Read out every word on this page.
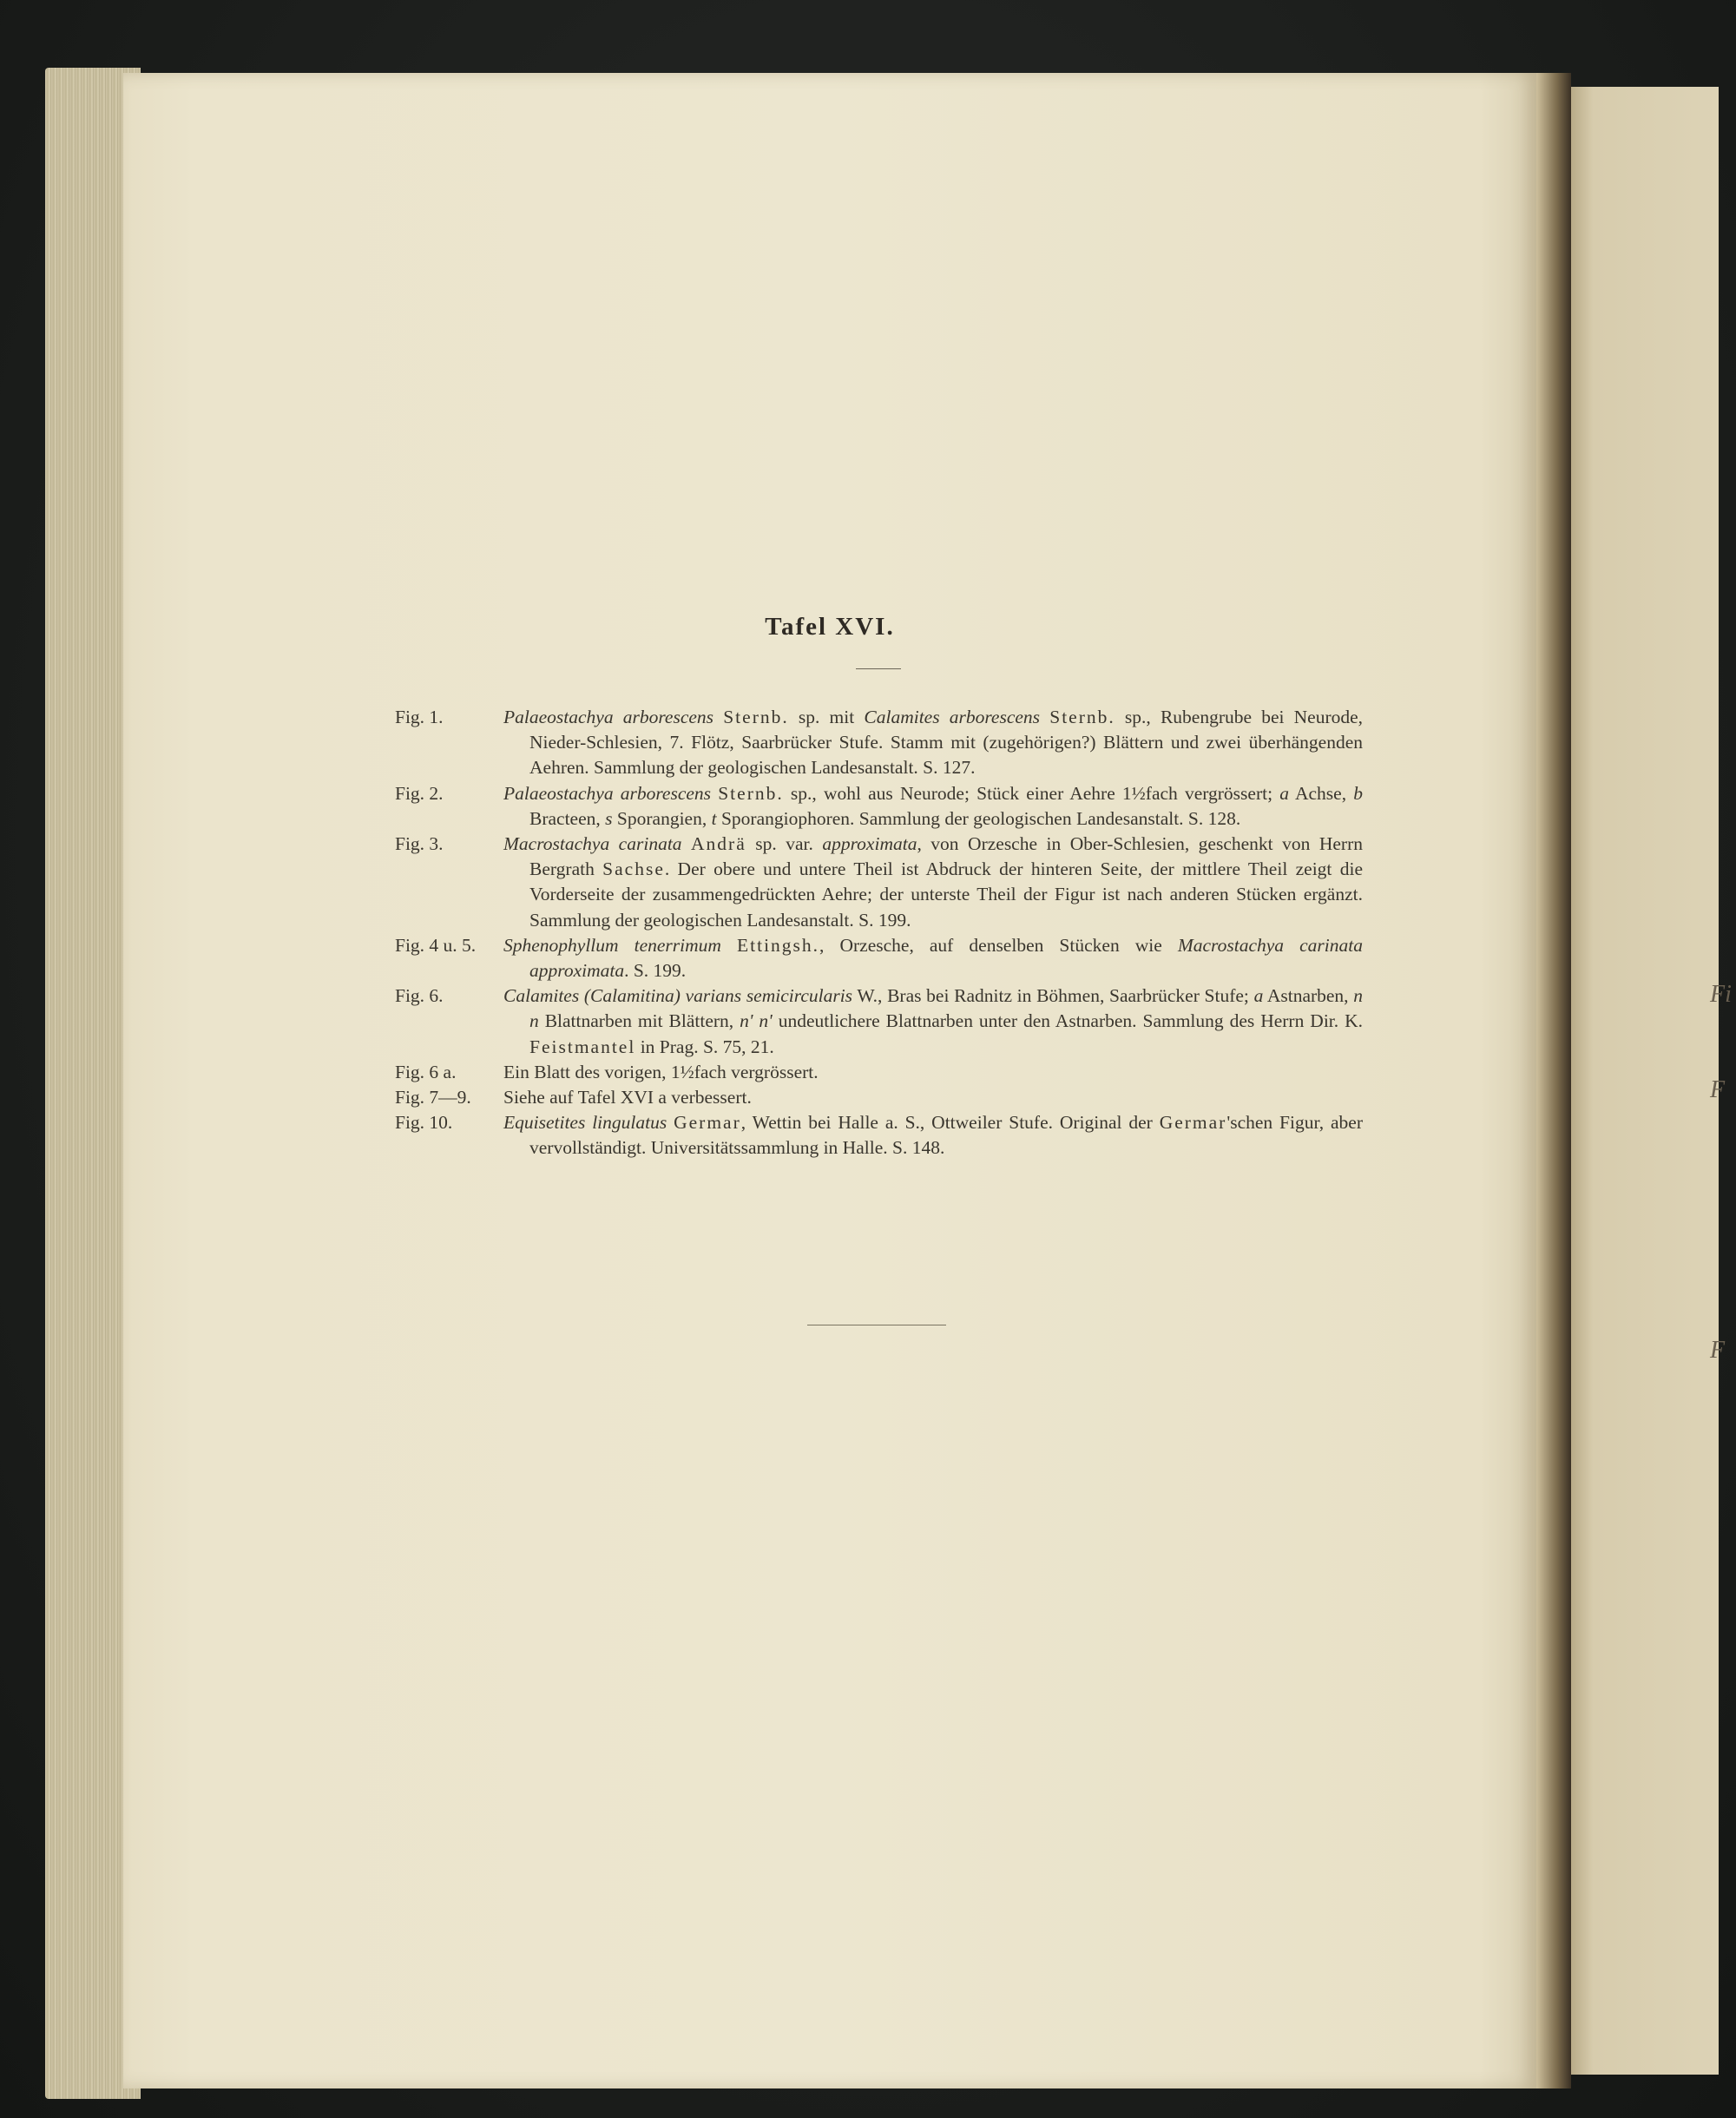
Fi
F
F
Tafel XVI.
Fig. 1.	Palaeostachya arborescens Sternb. sp. mit Calamites arborescens Sternb. sp., Rubengrube bei Neurode, Nieder-Schlesien, 7. Flötz, Saarbrücker Stufe. Stamm mit (zugehörigen?) Blättern und zwei überhängenden Aehren. Sammlung der geologischen Landesanstalt. S. 127.

Fig. 2.	Palaeostachya arborescens Sternb. sp., wohl aus Neurode; Stück einer Aehre 1½fach vergrössert; a Achse, b Bracteen, s Sporangien, t Sporangiophoren. Sammlung der geologischen Landesanstalt. S. 128.

Fig. 3.	Macrostachya carinata Andrä sp. var. approximata, von Orzesche in Ober-Schlesien, geschenkt von Herrn Bergrath Sachse. Der obere und untere Theil ist Abdruck der hinteren Seite, der mittlere Theil zeigt die Vorderseite der zusammengedrückten Aehre; der unterste Theil der Figur ist nach anderen Stücken ergänzt. Sammlung der geologischen Landesanstalt. S. 199.

Fig. 4 u. 5.	Sphenophyllum tenerrimum Ettingsh., Orzesche, auf denselben Stücken wie Macrostachya carinata approximata. S. 199.

Fig. 6.	Calamites (Calamitina) varians semicircularis W., Bras bei Radnitz in Böhmen, Saarbrücker Stufe; a Astnarben, n n Blattnarben mit Blättern, n' n' undeutlichere Blattnarben unter den Astnarben. Sammlung des Herrn Dir. K. Feistmantel in Prag. S. 75, 21.

Fig. 6 a.	Ein Blatt des vorigen, 1½fach vergrössert.

Fig. 7—9.	Siehe auf Tafel XVI a verbessert.

Fig. 10.	Equisetites lingulatus Germar, Wettin bei Halle a. S., Ottweiler Stufe. Original der Germar'schen Figur, aber vervollständigt. Universitätssammlung in Halle. S. 148.
